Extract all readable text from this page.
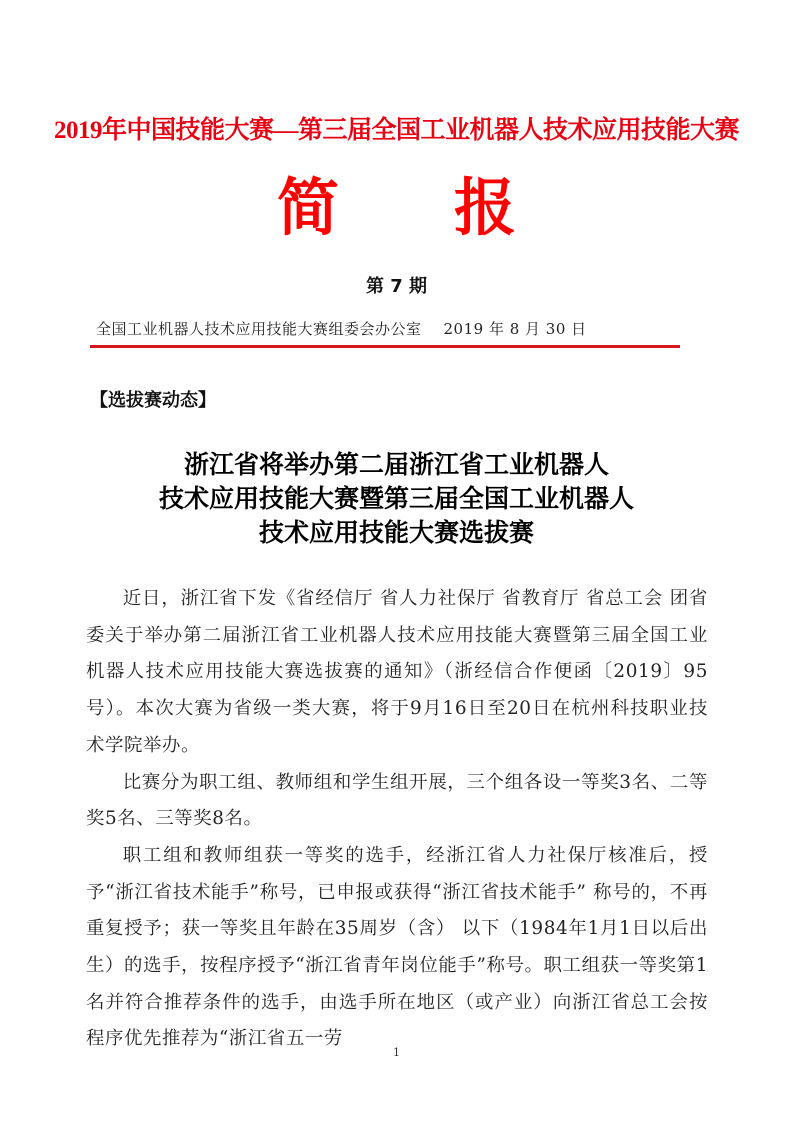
2019年中国技能大赛—第三届全国工业机器人技术应用技能大赛
简 报
第 7 期
全国工业机器人技术应用技能大赛组委会办公室 2019 年 8 月 30 日
【选拔赛动态】
浙江省将举办第二届浙江省工业机器人
技术应用技能大赛暨第三届全国工业机器人
技术应用技能大赛选拔赛

近日，浙江省下发《省经信厅 省人力社保厅 省教育厅 省总工会 团省委关于举办第二届浙江省工业机器人技术应用技能大赛暨第三届全国工业机器人技术应用技能大赛选拔赛的通知》（浙经信合作便函〔2019〕95号）。本次大赛为省级一类大赛，将于9月16日至20日在杭州科技职业技术学院举办。

比赛分为职工组、教师组和学生组开展，三个组各设一等奖3名、二等奖5名、三等奖8名。

职工组和教师组获一等奖的选手，经浙江省人力社保厅核准后，授予“浙江省技术能手”称号，已申报或获得“浙江省技术能手” 称号的，不再重复授予；获一等奖且年龄在35周岁（含） 以下（1984年1月1日以后出生）的选手，按程序授予“浙江省青年岗位能手”称号。职工组获一等奖第1名并符合推荐条件的选手，由选手所在地区（或产业）向浙江省总工会按程序优先推荐为“浙江省五一劳

1
